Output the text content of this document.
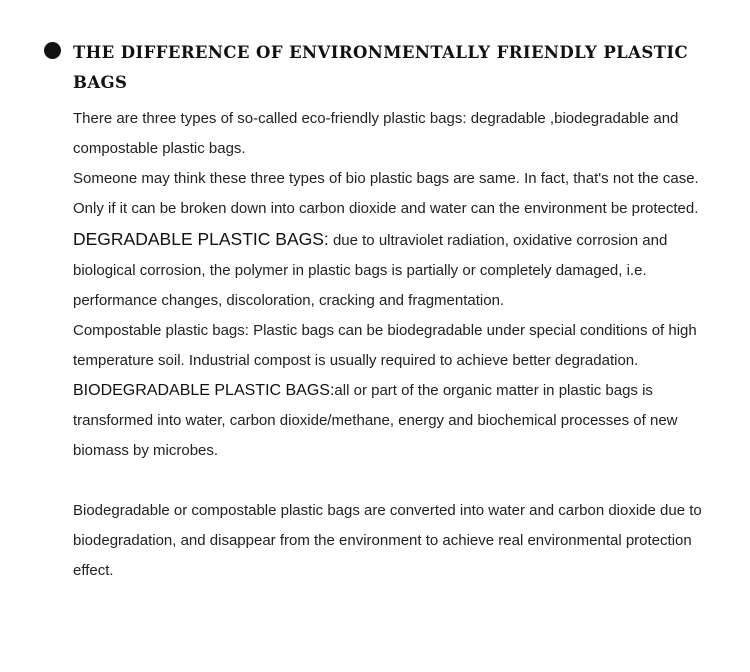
THE DIFFERENCE OF ENVIRONMENTALLY FRIENDLY PLASTIC BAGS

There are three types of so-called eco-friendly plastic bags: degradable ,biodegradable and compostable plastic bags.

Someone may think these three types of bio plastic bags are same. In fact, that's not the case. Only if it can be broken down into carbon dioxide and water can the environment be protected.

DEGRADABLE PLASTIC BAGS: due to ultraviolet radiation, oxidative corrosion and biological corrosion, the polymer in plastic bags is partially or completely damaged, i.e. performance changes, discoloration, cracking and fragmentation.

Compostable plastic bags: Plastic bags can be biodegradable under special conditions of high temperature soil. Industrial compost is usually required to achieve better degradation.

BIODEGRADABLE PLASTIC BAGS:all or part of the organic matter in plastic bags is transformed into water, carbon dioxide/methane, energy and biochemical processes of new biomass by microbes.

Biodegradable or compostable plastic bags are converted into water and carbon dioxide due to biodegradation, and disappear from the environment to achieve real environmental protection effect.
